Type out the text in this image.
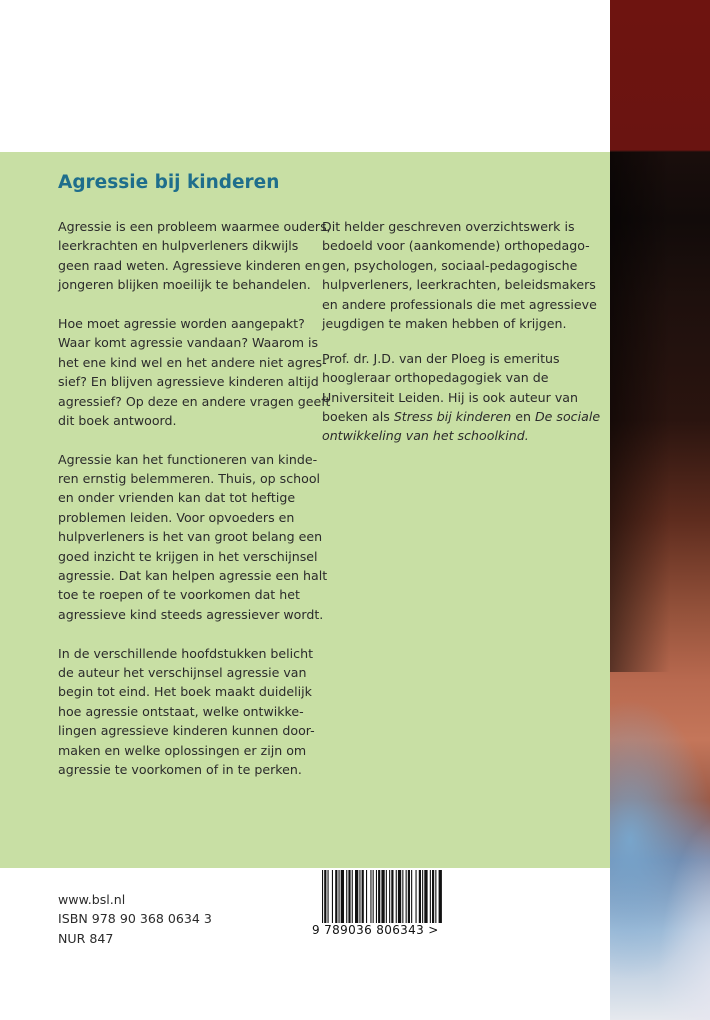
Agressie bij kinderen
Agressie is een probleem waarmee ouders,
leerkrachten en hulpverleners dikwijls
geen raad weten. Agressieve kinderen en
jongeren blijken moeilijk te behandelen.
Hoe moet agressie worden aangepakt?
Waar komt agressie vandaan? Waarom is
het ene kind wel en het andere niet agres-
sief? En blijven agressieve kinderen altijd
agressief? Op deze en andere vragen geeft
dit boek antwoord.
Agressie kan het functioneren van kinde-
ren ernstig belemmeren. Thuis, op school
en onder vrienden kan dat tot heftige
problemen leiden. Voor opvoeders en
hulpverleners is het van groot belang een
goed inzicht te krijgen in het verschijnsel
agressie. Dat kan helpen agressie een halt
toe te roepen of te voorkomen dat het
agressieve kind steeds agressiever wordt.
In de verschillende hoofdstukken belicht
de auteur het verschijnsel agressie van
begin tot eind. Het boek maakt duidelijk
hoe agressie ontstaat, welke ontwikke-
lingen agressieve kinderen kunnen door-
maken en welke oplossingen er zijn om
agressie te voorkomen of in te perken.
Dit helder geschreven overzichtswerk is
bedoeld voor (aankomende) orthopedago-
gen, psychologen, sociaal-pedagogische
hulpverleners, leerkrachten, beleidsmakers
en andere professionals die met agressieve
jeugdigen te maken hebben of krijgen.
Prof. dr. J.D. van der Ploeg is emeritus
hoogleraar orthopedagogiek van de
Universiteit Leiden. Hij is ook auteur van
boeken als Stress bij kinderen en De sociale
ontwikkeling van het schoolkind.
www.bsl.nl
ISBN 978 90 368 0634 3
NUR 847
9 789036 806343 >
